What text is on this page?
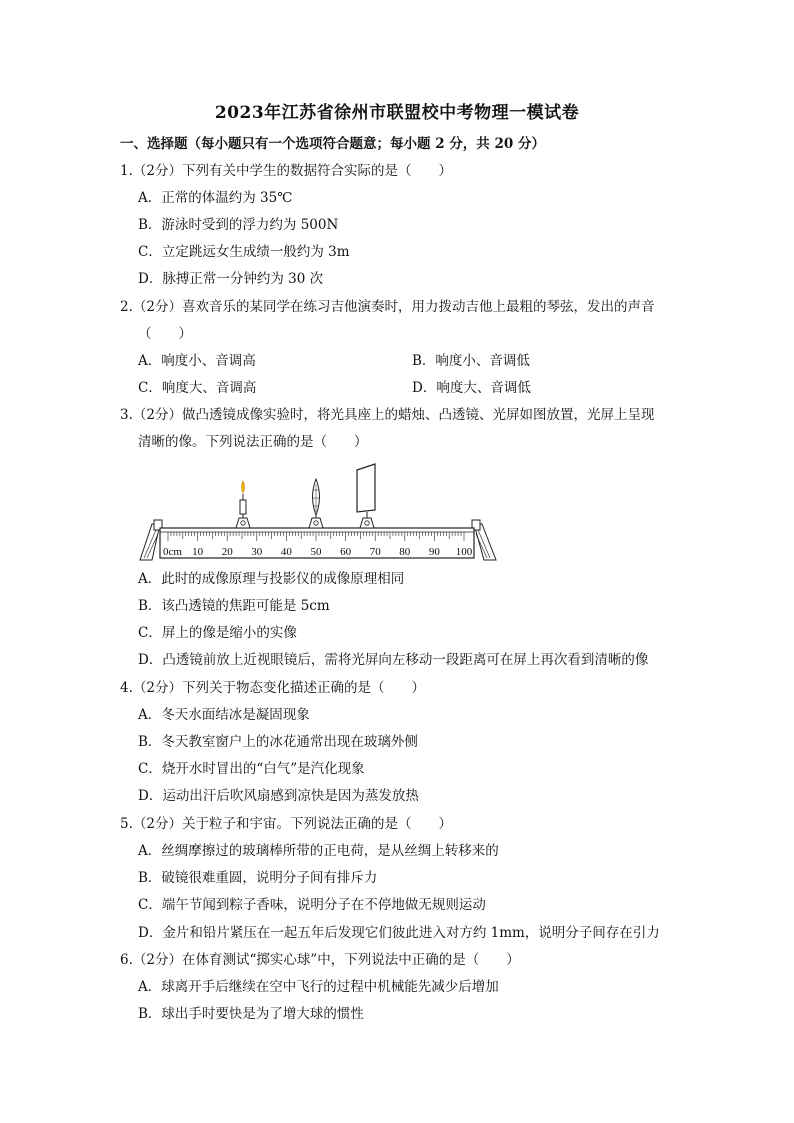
2023年江苏省徐州市联盟校中考物理一模试卷
一、选择题（每小题只有一个选项符合题意；每小题 2 分，共 20 分）
1.（2分）下列有关中学生的数据符合实际的是（　　）
A．正常的体温约为 35℃
B．游泳时受到的浮力约为 500N
C．立定跳远女生成绩一般约为 3m
D．脉搏正常一分钟约为 30 次
2.（2分）喜欢音乐的某同学在练习吉他演奏时，用力拨动吉他上最粗的琴弦，发出的声音
（　　）
A．响度小、音调高	B．响度小、音调低
C．响度大、音调高	D．响度大、音调低
3.（2分）做凸透镜成像实验时，将光具座上的蜡烛、凸透镜、光屏如图放置，光屏上呈现
清晰的像。下列说法正确的是（　　）
0cm 10 20 30 40 50 60 70 80 90 100
A．此时的成像原理与投影仪的成像原理相同
B．该凸透镜的焦距可能是 5cm
C．屏上的像是缩小的实像
D．凸透镜前放上近视眼镜后，需将光屏向左移动一段距离可在屏上再次看到清晰的像
4.（2分）下列关于物态变化描述正确的是（　　）
A．冬天水面结冰是凝固现象
B．冬天教室窗户上的冰花通常出现在玻璃外侧
C．烧开水时冒出的“白气”是汽化现象
D．运动出汗后吹风扇感到凉快是因为蒸发放热
5.（2分）关于粒子和宇宙。下列说法正确的是（　　）
A．丝绸摩擦过的玻璃棒所带的正电荷，是从丝绸上转移来的
B．破镜很难重圆，说明分子间有排斥力
C．端午节闻到粽子香味，说明分子在不停地做无规则运动
D．金片和铅片紧压在一起五年后发现它们彼此进入对方约 1mm，说明分子间存在引力
6.（2分）在体育测试“掷实心球”中，下列说法中正确的是（　　）
A．球离开手后继续在空中飞行的过程中机械能先减少后增加
B．球出手时要快是为了增大球的惯性
